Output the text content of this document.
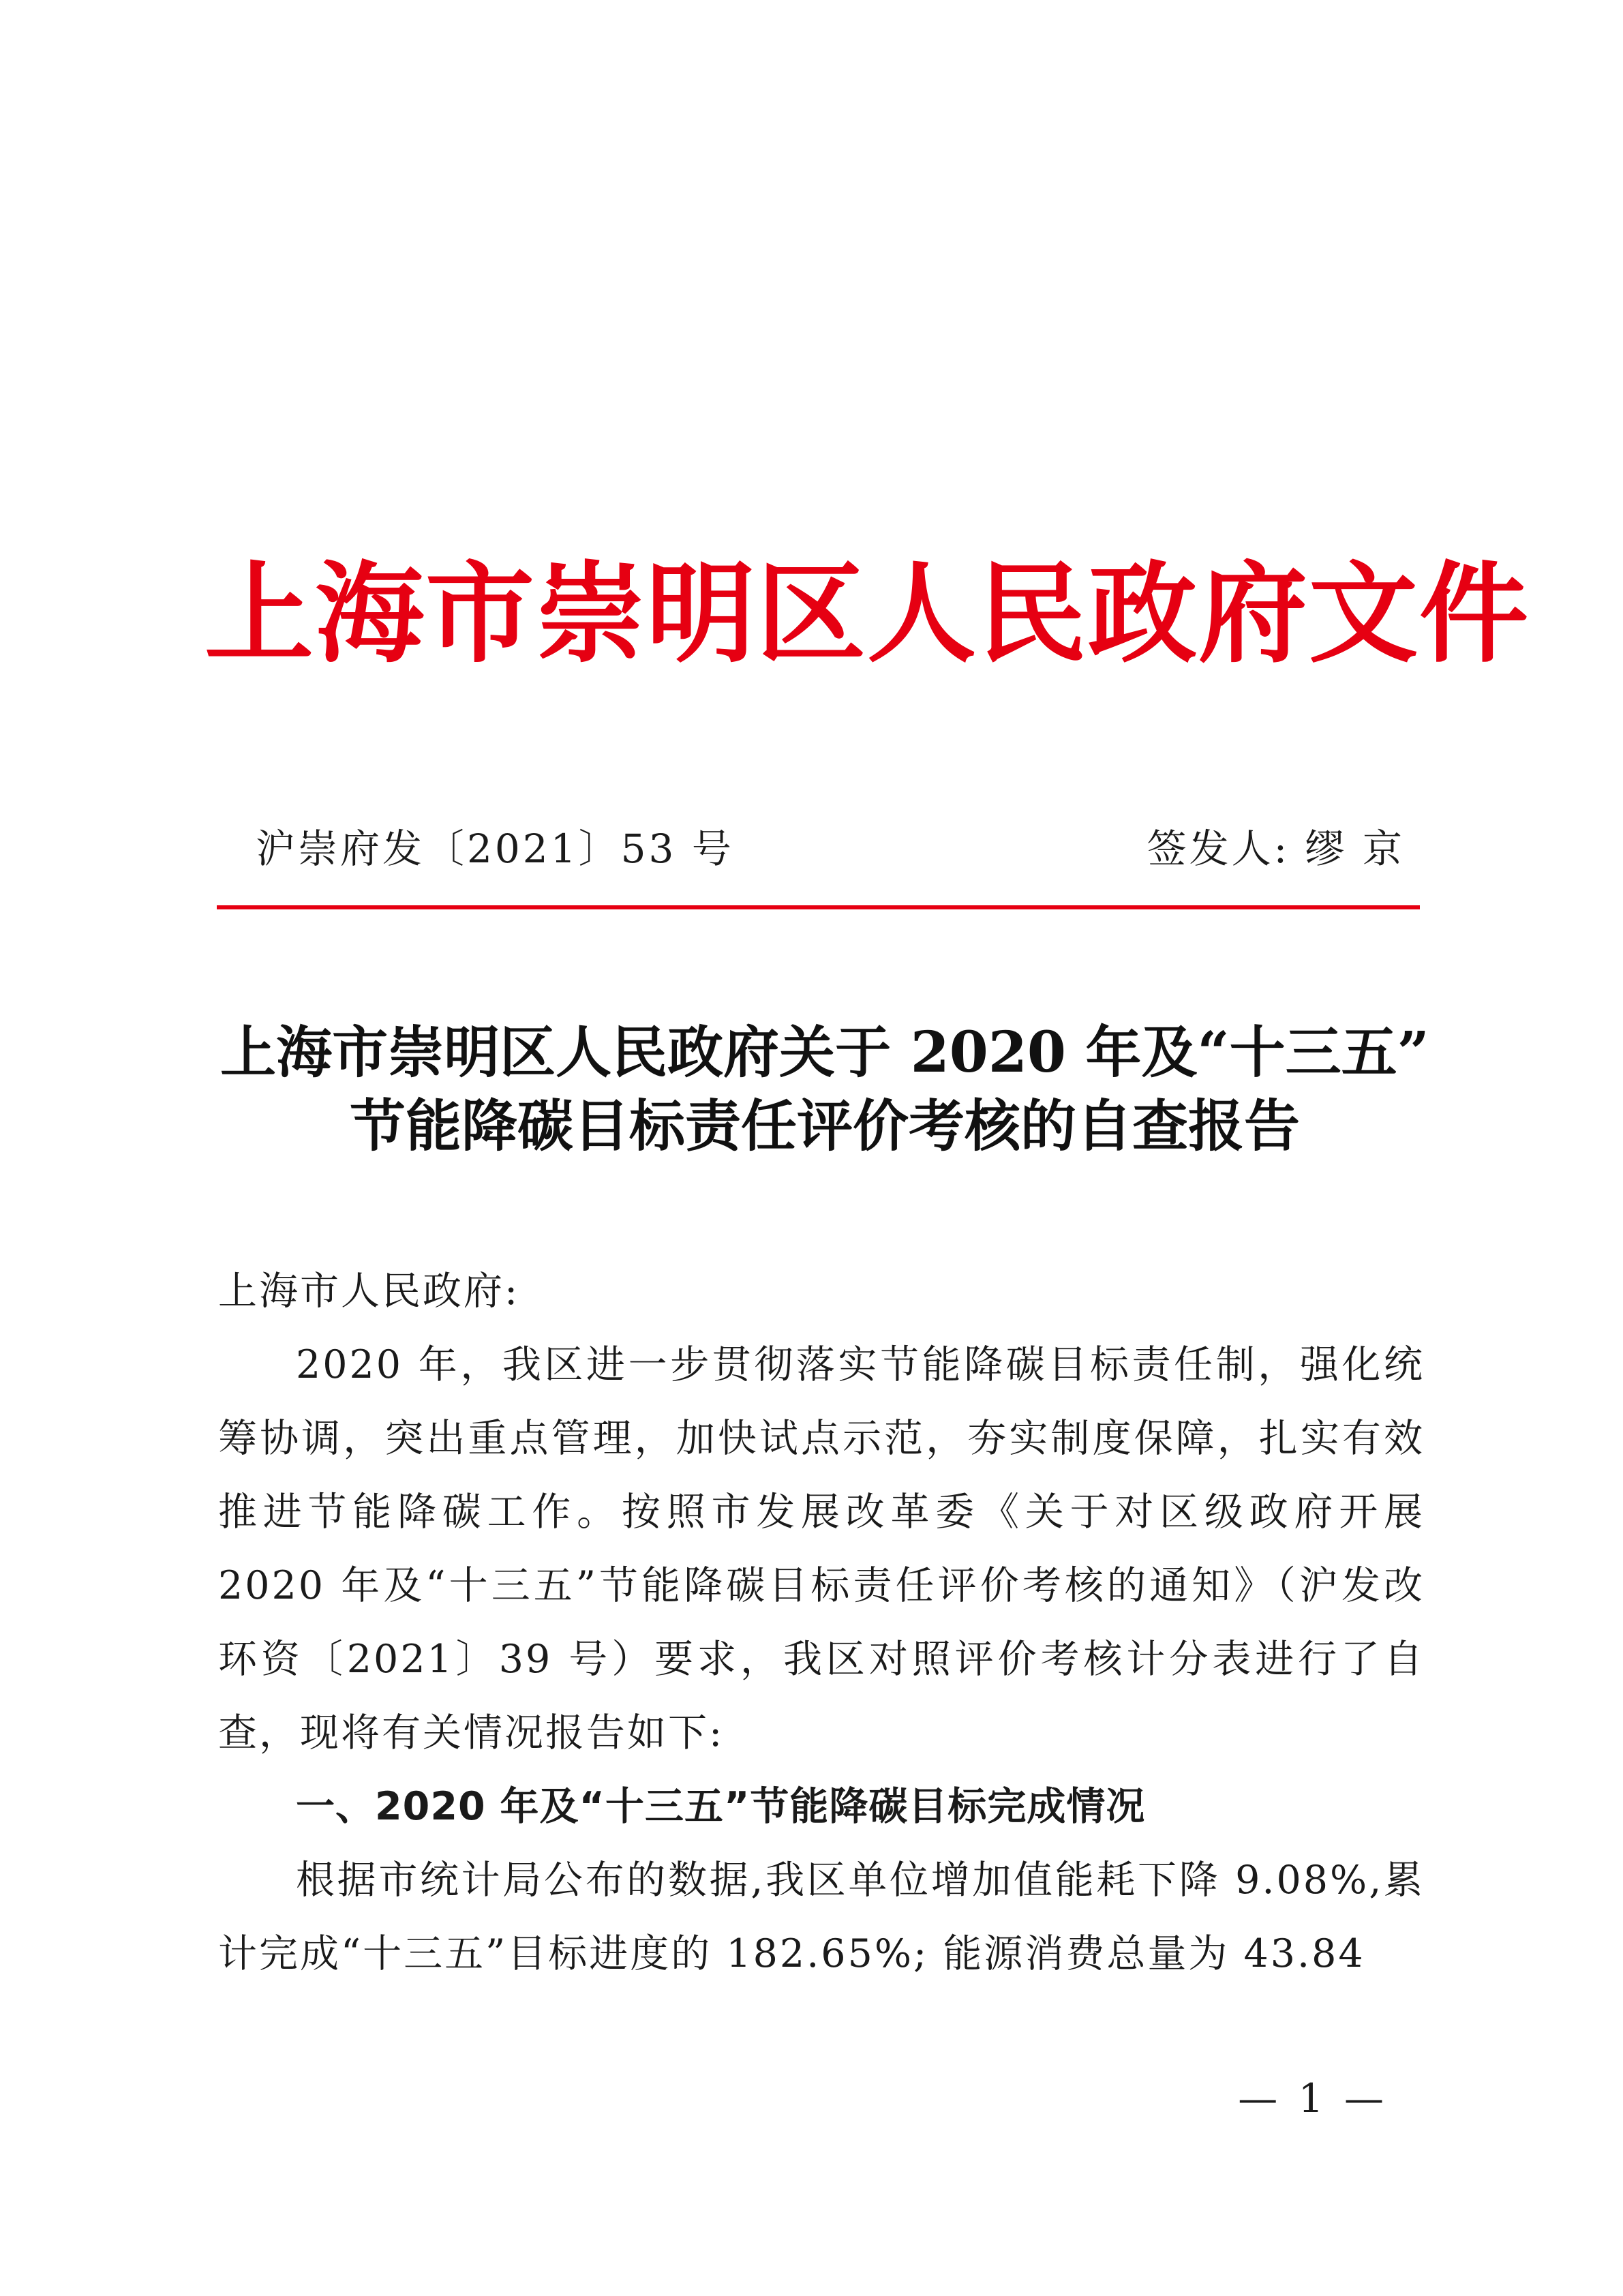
上海市崇明区人民政府文件
沪崇府发〔2021〕53 号	签发人: 缪 京
上海市崇明区人民政府关于 2020 年及“十三五”
节能降碳目标责任评价考核的自查报告

上海市人民政府:

2020 年，我区进一步贯彻落实节能降碳目标责任制，强化统筹协调，突出重点管理，加快试点示范，夯实制度保障，扎实有效推进节能降碳工作。按照市发展改革委《关于对区级政府开展 2020 年及“十三五”节能降碳目标责任评价考核的通知》（沪发改环资〔2021〕39 号）要求，我区对照评价考核计分表进行了自查，现将有关情况报告如下:

一、2020 年及“十三五”节能降碳目标完成情况

根据市统计局公布的数据,我区单位增加值能耗下降 9.08%,累计完成“十三五”目标进度的 182.65%; 能源消费总量为 43.84

— 1 —
